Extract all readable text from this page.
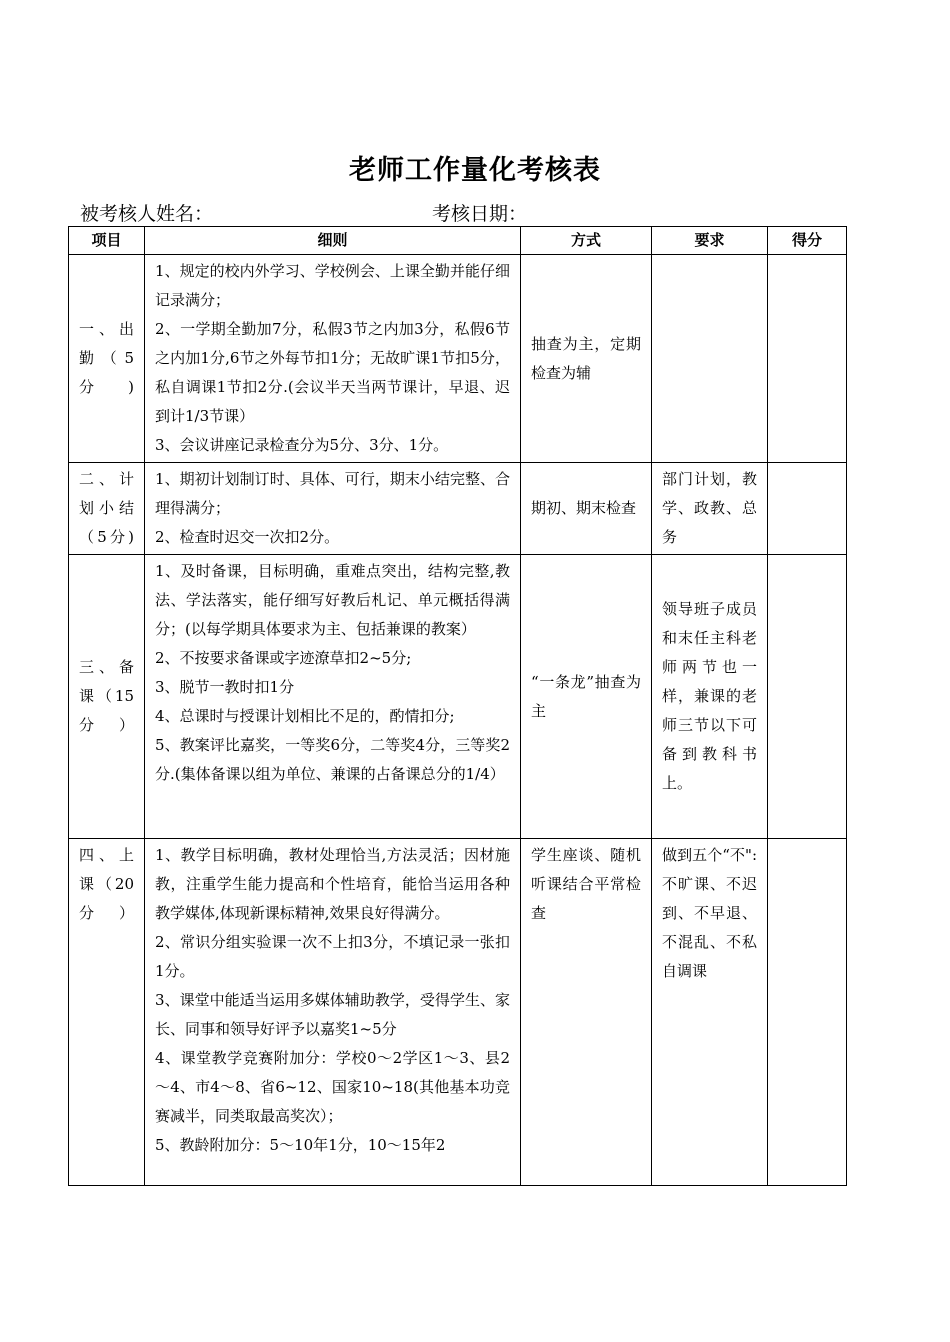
老师工作量化考核表
被考核人姓名：	考核日期：
项目	细则	方式	要求	得分
一、出勤（5分)	1、规定的校内外学习、学校例会、上课全勤并能仔细记录满分；
2、一学期全勤加7分，私假3节之内加3分，私假6节之内加1分,6节之外每节扣1分；无故旷课1节扣5分，私自调课1节扣2分.(会议半天当两节课计，早退、迟到计1/3节课）
3、会议讲座记录检查分为5分、3分、1分。	抽查为主，定期检查为辅		
二、计划小结（5分)	1、期初计划制订时、具体、可行，期末小结完整、合理得满分；
2、检查时迟交一次扣2分。	期初、期末检查	部门计划，教学、政教、总务	
三、备课（15分）	1、及时备课，目标明确，重难点突出，结构完整,教法、学法落实，能仔细写好教后札记、单元概括得满分；(以每学期具体要求为主、包括兼课的教案）
2、不按要求备课或字迹潦草扣2~5分;
3、脱节一教时扣1分
4、总课时与授课计划相比不足的，酌情扣分;
5、教案评比嘉奖，一等奖6分，二等奖4分，三等奖2分.(集体备课以组为单位、兼课的占备课总分的1/4）	“一条龙”抽查为主	领导班子成员和末任主科老师两节也一样，兼课的老师三节以下可备到教科书上。	
四、上课（20分）	1、教学目标明确，教材处理恰当,方法灵活；因材施教，注重学生能力提高和个性培育，能恰当运用各种教学媒体,体现新课标精神,效果良好得满分。
2、常识分组实验课一次不上扣3分，不填记录一张扣1分。
3、课堂中能适当运用多媒体辅助教学，受得学生、家长、同事和领导好评予以嘉奖1~5分
4、课堂教学竞赛附加分：学校0～2学区1～3、县2～4、市4～8、省6~12、国家10~18(其他基本功竞赛减半，同类取最高奖次）；
5、教龄附加分：5～10年1分，10～15年2	学生座谈、随机听课结合平常检查	做到五个“不":不旷课、不迟到、不早退、不混乱、不私自调课	
